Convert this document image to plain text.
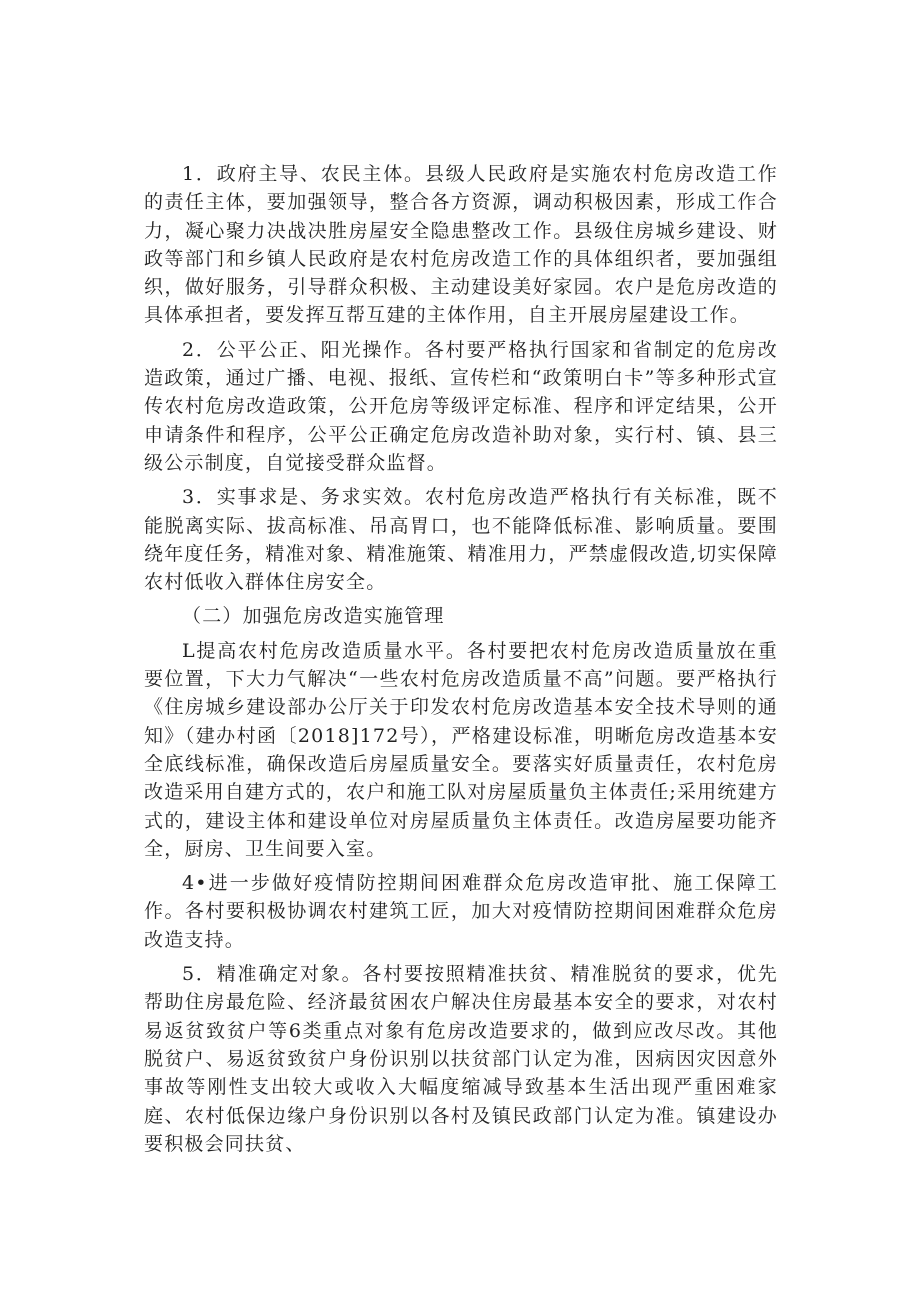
1．政府主导、农民主体。县级人民政府是实施农村危房改造工作的责任主体，要加强领导，整合各方资源，调动积极因素，形成工作合力，凝心聚力决战决胜房屋安全隐患整改工作。县级住房城乡建设、财政等部门和乡镇人民政府是农村危房改造工作的具体组织者，要加强组织，做好服务，引导群众积极、主动建设美好家园。农户是危房改造的具体承担者，要发挥互帮互建的主体作用，自主开展房屋建设工作。

2．公平公正、阳光操作。各村要严格执行国家和省制定的危房改造政策，通过广播、电视、报纸、宣传栏和“政策明白卡”等多种形式宣传农村危房改造政策，公开危房等级评定标准、程序和评定结果，公开申请条件和程序，公平公正确定危房改造补助对象，实行村、镇、县三级公示制度，自觉接受群众监督。

3．实事求是、务求实效。农村危房改造严格执行有关标准，既不能脱离实际、拔高标准、吊高胃口，也不能降低标准、影响质量。要围绕年度任务，精准对象、精准施策、精准用力，严禁虚假改造,切实保障农村低收入群体住房安全。

（二）加强危房改造实施管理

L提高农村危房改造质量水平。各村要把农村危房改造质量放在重要位置，下大力气解决“一些农村危房改造质量不高”问题。要严格执行《住房城乡建设部办公厅关于印发农村危房改造基本安全技术导则的通知》（建办村函〔2018]172号），严格建设标准，明晰危房改造基本安全底线标准，确保改造后房屋质量安全。要落实好质量责任，农村危房改造采用自建方式的，农户和施工队对房屋质量负主体责任;采用统建方式的，建设主体和建设单位对房屋质量负主体责任。改造房屋要功能齐全，厨房、卫生间要入室。

4•进一步做好疫情防控期间困难群众危房改造审批、施工保障工作。各村要积极协调农村建筑工匠，加大对疫情防控期间困难群众危房改造支持。

5．精准确定对象。各村要按照精准扶贫、精准脱贫的要求，优先帮助住房最危险、经济最贫困农户解决住房最基本安全的要求，对农村易返贫致贫户等6类重点对象有危房改造要求的，做到应改尽改。其他脱贫户、易返贫致贫户身份识别以扶贫部门认定为准，因病因灾因意外事故等刚性支出较大或收入大幅度缩减导致基本生活出现严重困难家庭、农村低保边缘户身份识别以各村及镇民政部门认定为准。镇建设办要积极会同扶贫、
